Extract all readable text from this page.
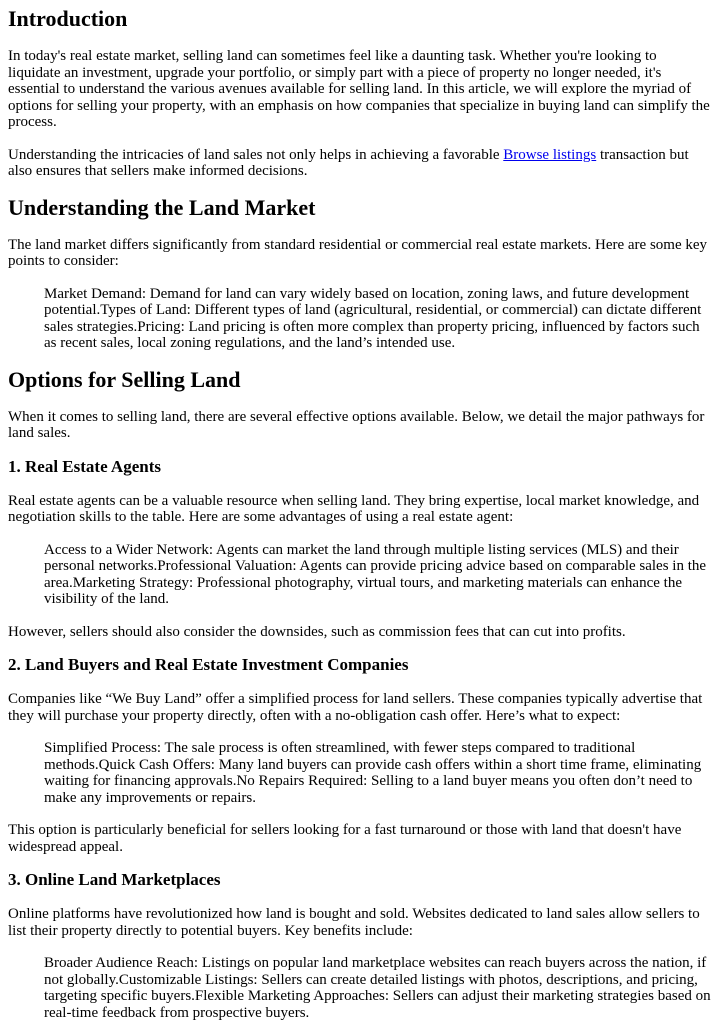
Introduction

In today's real estate market, selling land can sometimes feel like a daunting task. Whether you're looking to liquidate an investment, upgrade your portfolio, or simply part with a piece of property no longer needed, it's essential to understand the various avenues available for selling land. In this article, we will explore the myriad of options for selling your property, with an emphasis on how companies that specialize in buying land can simplify the process.

Understanding the intricacies of land sales not only helps in achieving a favorable Browse listings transaction but also ensures that sellers make informed decisions.

Understanding the Land Market

The land market differs significantly from standard residential or commercial real estate markets. Here are some key points to consider:

Market Demand: Demand for land can vary widely based on location, zoning laws, and future development potential.Types of Land: Different types of land (agricultural, residential, or commercial) can dictate different sales strategies.Pricing: Land pricing is often more complex than property pricing, influenced by factors such as recent sales, local zoning regulations, and the land’s intended use.
Options for Selling Land

When it comes to selling land, there are several effective options available. Below, we detail the major pathways for land sales.

1. Real Estate Agents

Real estate agents can be a valuable resource when selling land. They bring expertise, local market knowledge, and negotiation skills to the table. Here are some advantages of using a real estate agent:

Access to a Wider Network: Agents can market the land through multiple listing services (MLS) and their personal networks.Professional Valuation: Agents can provide pricing advice based on comparable sales in the area.Marketing Strategy: Professional photography, virtual tours, and marketing materials can enhance the visibility of the land.

However, sellers should also consider the downsides, such as commission fees that can cut into profits.

2. Land Buyers and Real Estate Investment Companies

Companies like “We Buy Land” offer a simplified process for land sellers. These companies typically advertise that they will purchase your property directly, often with a no-obligation cash offer. Here’s what to expect:

Simplified Process: The sale process is often streamlined, with fewer steps compared to traditional methods.Quick Cash Offers: Many land buyers can provide cash offers within a short time frame, eliminating waiting for financing approvals.No Repairs Required: Selling to a land buyer means you often don’t need to make any improvements or repairs.

This option is particularly beneficial for sellers looking for a fast turnaround or those with land that doesn't have widespread appeal.

3. Online Land Marketplaces

Online platforms have revolutionized how land is bought and sold. Websites dedicated to land sales allow sellers to list their property directly to potential buyers. Key benefits include:

Broader Audience Reach: Listings on popular land marketplace websites can reach buyers across the nation, if not globally.Customizable Listings: Sellers can create detailed listings with photos, descriptions, and pricing, targeting specific buyers.Flexible Marketing Approaches: Sellers can adjust their marketing strategies based on real-time feedback from prospective buyers.
